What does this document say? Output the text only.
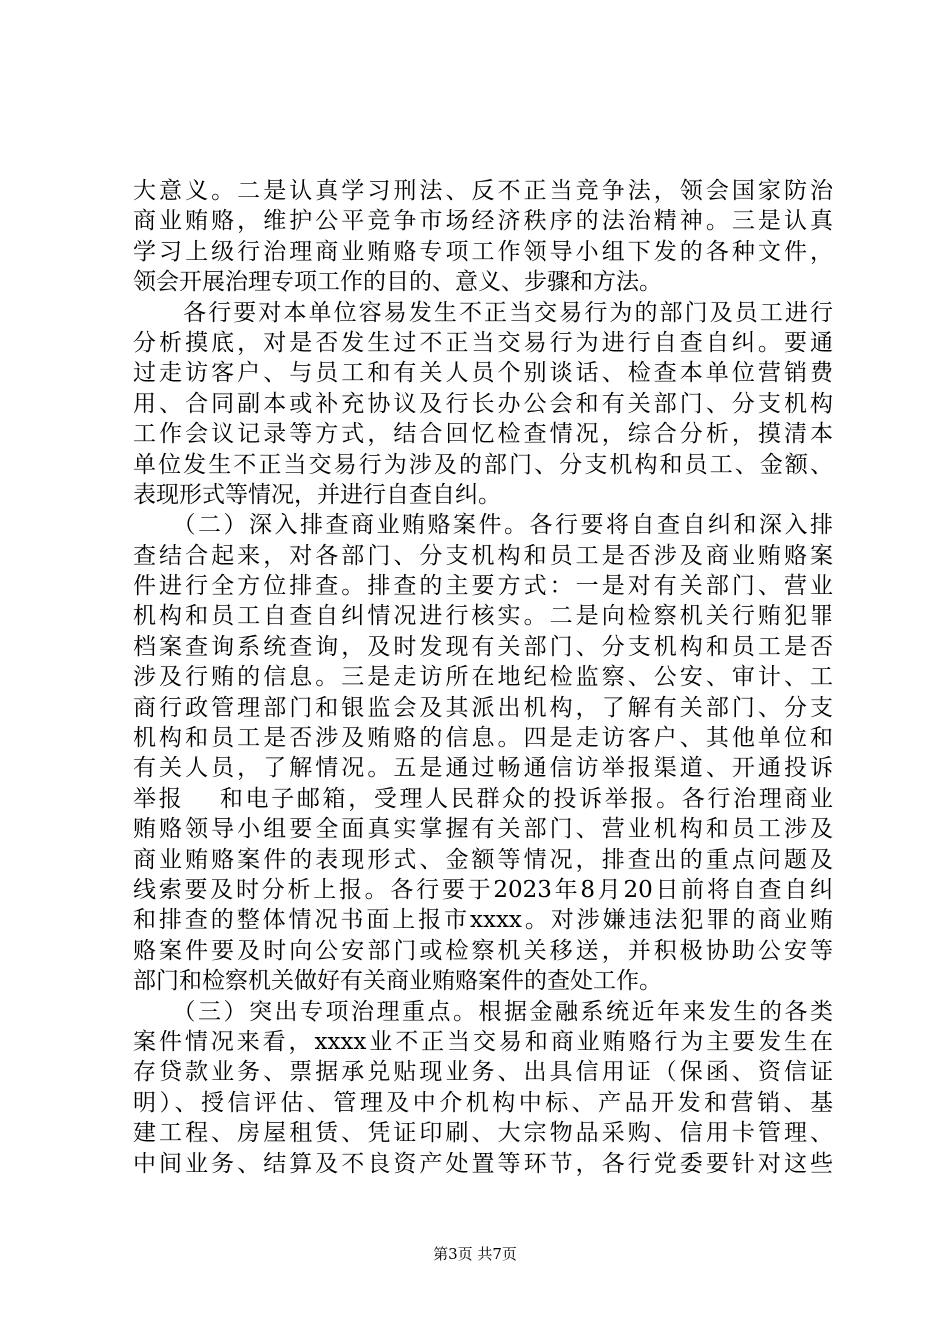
大意义。二是认真学习刑法、反不正当竞争法，领会国家防治
商业贿赂，维护公平竞争市场经济秩序的法治精神。三是认真
学习上级行治理商业贿赂专项工作领导小组下发的各种文件，
领会开展治理专项工作的目的、意义、步骤和方法。
　　各行要对本单位容易发生不正当交易行为的部门及员工进行
分析摸底，对是否发生过不正当交易行为进行自查自纠。要通
过走访客户、与员工和有关人员个别谈话、检查本单位营销费
用、合同副本或补充协议及行长办公会和有关部门、分支机构
工作会议记录等方式，结合回忆检查情况，综合分析，摸清本
单位发生不正当交易行为涉及的部门、分支机构和员工、金额、
表现形式等情况，并进行自查自纠。
　　（二）深入排查商业贿赂案件。各行要将自查自纠和深入排
查结合起来，对各部门、分支机构和员工是否涉及商业贿赂案
件进行全方位排查。排查的主要方式：一是对有关部门、营业
机构和员工自查自纠情况进行核实。二是向检察机关行贿犯罪
档案查询系统查询，及时发现有关部门、分支机构和员工是否
涉及行贿的信息。三是走访所在地纪检监察、公安、审计、工
商行政管理部门和银监会及其派出机构，了解有关部门、分支
机构和员工是否涉及贿赂的信息。四是走访客户、其他单位和
有关人员，了解情况。五是通过畅通信访举报渠道、开通投诉
举报　 和电子邮箱，受理人民群众的投诉举报。各行治理商业
贿赂领导小组要全面真实掌握有关部门、营业机构和员工涉及
商业贿赂案件的表现形式、金额等情况，排查出的重点问题及
线索要及时分析上报。各行要于2023年8月20日前将自查自纠
和排查的整体情况书面上报市xxxx。对涉嫌违法犯罪的商业贿
赂案件要及时向公安部门或检察机关移送，并积极协助公安等
部门和检察机关做好有关商业贿赂案件的查处工作。
　　（三）突出专项治理重点。根据金融系统近年来发生的各类
案件情况来看，xxxx业不正当交易和商业贿赂行为主要发生在
存贷款业务、票据承兑贴现业务、出具信用证（保函、资信证
明）、授信评估、管理及中介机构中标、产品开发和营销、基
建工程、房屋租赁、凭证印刷、大宗物品采购、信用卡管理、
中间业务、结算及不良资产处置等环节，各行党委要针对这些
第3页 共7页
